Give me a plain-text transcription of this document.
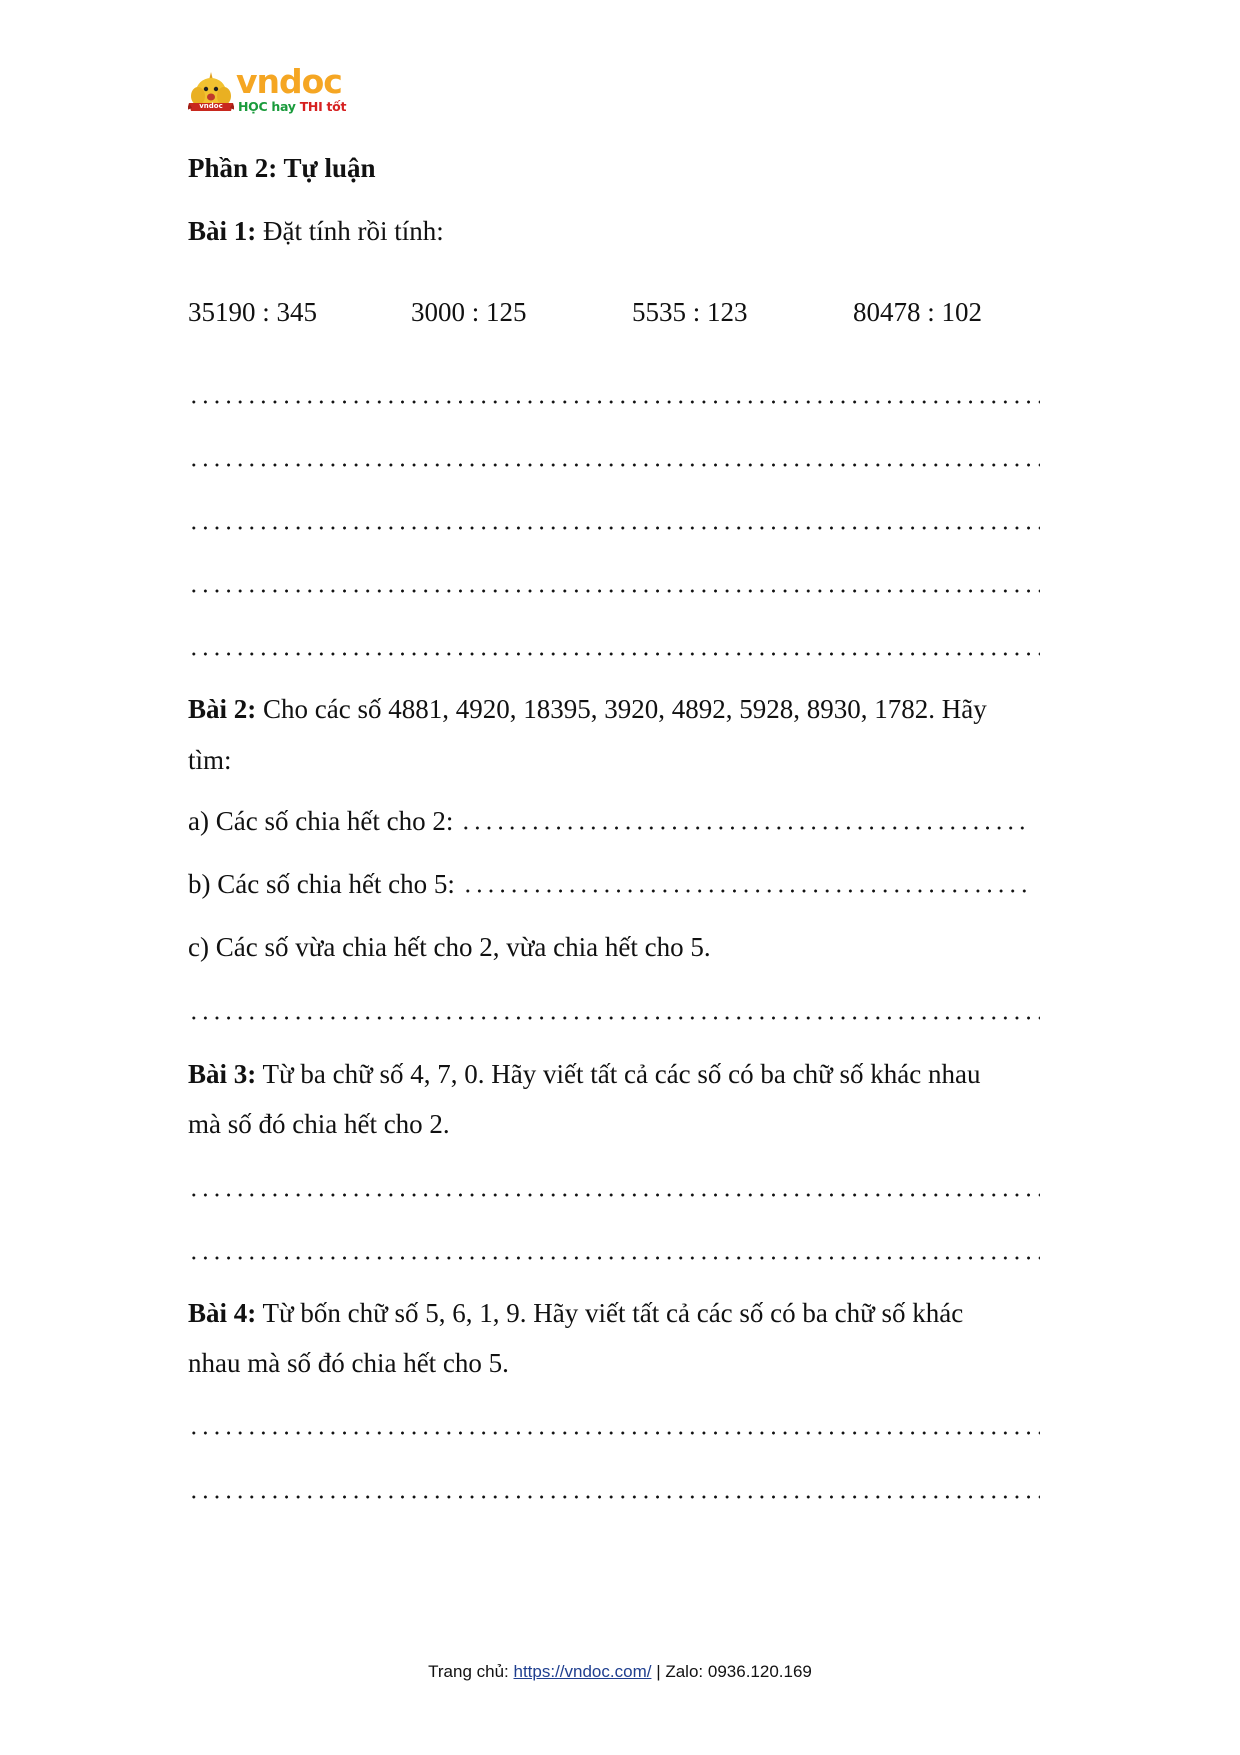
vndoc
vndoc
HỌC hay THI tốt
Phần 2: Tự luận
Bài 1: Đặt tính rồi tính:
35190 : 345	3000 : 125	5535 : 123	80478 : 102
Bài 2: Cho các số 4881, 4920, 18395, 3920, 4892, 5928, 8930, 1782. Hãy
tìm:
a) Các số chia hết cho 2:
b) Các số chia hết cho 5:
c) Các số vừa chia hết cho 2, vừa chia hết cho 5.
Bài 3: Từ ba chữ số 4, 7, 0. Hãy viết tất cả các số có ba chữ số khác nhau
mà số đó chia hết cho 2.
Bài 4: Từ bốn chữ số 5, 6, 1, 9. Hãy viết tất cả các số có ba chữ số khác
nhau mà số đó chia hết cho 5.
Trang chủ: https://vndoc.com/ | Zalo: 0936.120.169
